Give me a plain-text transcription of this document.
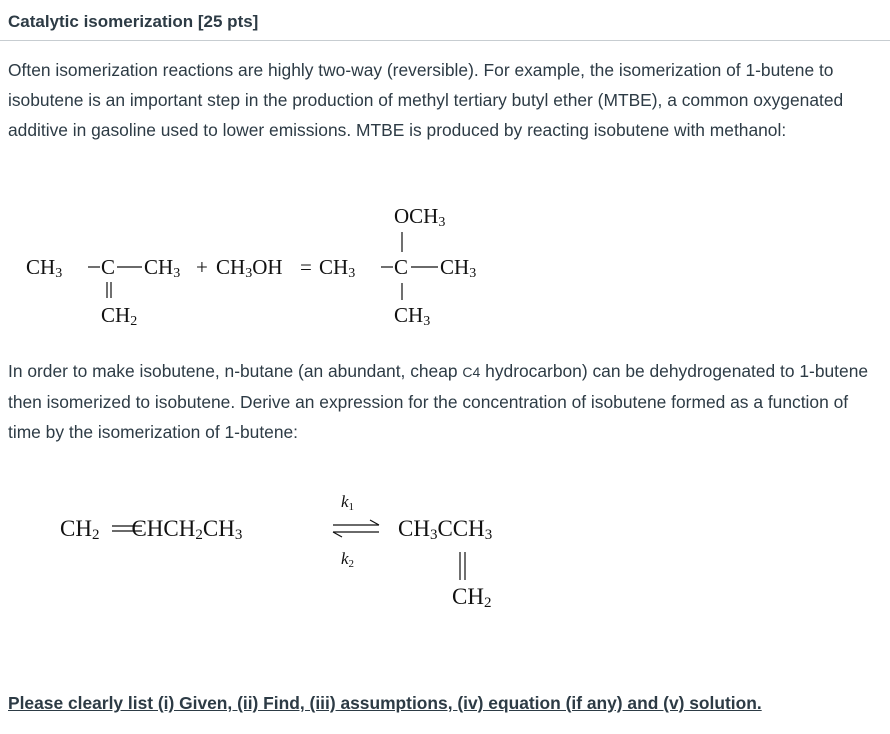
Catalytic isomerization [25 pts]
Often isomerization reactions are highly two-way (reversible). For example, the isomerization of 1-butene to isobutene is an important step in the production of methyl tertiary butyl ether (MTBE), a common oxygenated additive in gasoline used to lower emissions. MTBE is produced by reacting isobutene with methanol:
$CH_3$ C $CH_3 + CH_3OH = CH_3$ C $CH_3$
$CH_2$
$OCH_3$
$CH_3$
In order to make isobutene, n-butane (an abundant, cheap C4 hydrocarbon) can be dehydrogenated to 1-butene then isomerized to isobutene. Derive an expression for the concentration of isobutene formed as a function of time by the isomerization of 1-butene:
$CH_2$ $CHCH_2CH_3$
$k_1$
$k_2$
$CH_3CCH_3$
$CH_2$
Please clearly list (i) Given, (ii) Find, (iii) assumptions, (iv) equation (if any) and (v) solution.
